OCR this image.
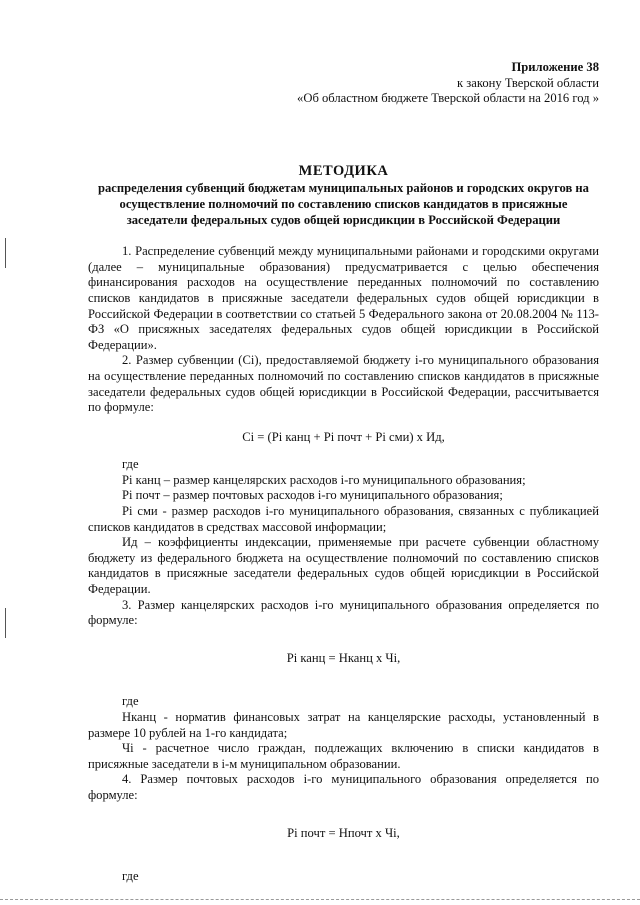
Приложение 38
к закону Тверской области
«Об областном бюджете Тверской области на 2016 год »
МЕТОДИКА
распределения субвенций бюджетам муниципальных районов и городских округов на осуществление полномочий по составлению списков кандидатов в присяжные заседатели федеральных судов общей юрисдикции в Российской Федерации

1. Распределение субвенций между муниципальными районами и городскими округами (далее – муниципальные образования) предусматривается с целью обеспечения финансирования расходов на осуществление переданных полномочий по составлению списков кандидатов в присяжные заседатели федеральных судов общей юрисдикции в Российской Федерации в соответствии со статьей 5 Федерального закона от 20.08.2004 № 113-ФЗ «О присяжных заседателях федеральных судов общей юрисдикции в Российской Федерации».

2. Размер субвенции (Ci), предоставляемой бюджету i-го муниципального образования на осуществление переданных полномочий по составлению списков кандидатов в присяжные заседатели федеральных судов общей юрисдикции в Российской Федерации, рассчитывается по формуле:

Ci = (Pi канц + Pi почт + Pi сми) х Ид,

где

Pi канц – размер канцелярских расходов i-го муниципального образования;

Pi почт – размер почтовых расходов i-го муниципального образования;

Pi сми - размер расходов i-го муниципального образования, связанных с публикацией списков кандидатов в средствах массовой информации;

Ид – коэффициенты индексации, применяемые при расчете субвенции областному бюджету из федерального бюджета на осуществление полномочий по составлению списков кандидатов в присяжные заседатели федеральных судов общей юрисдикции в Российской Федерации.

3. Размер канцелярских расходов i-го муниципального образования определяется по формуле:

Pi канц = Нканц х Чi,

где

Нканц - норматив финансовых затрат на канцелярские расходы, установленный в размере 10 рублей на 1-го кандидата;

Чi - расчетное число граждан, подлежащих включению в списки кандидатов в присяжные заседатели в i-м муниципальном образовании.

4. Размер почтовых расходов i-го муниципального образования определяется по формуле:

Pi почт = Нпочт х Чi,

где
